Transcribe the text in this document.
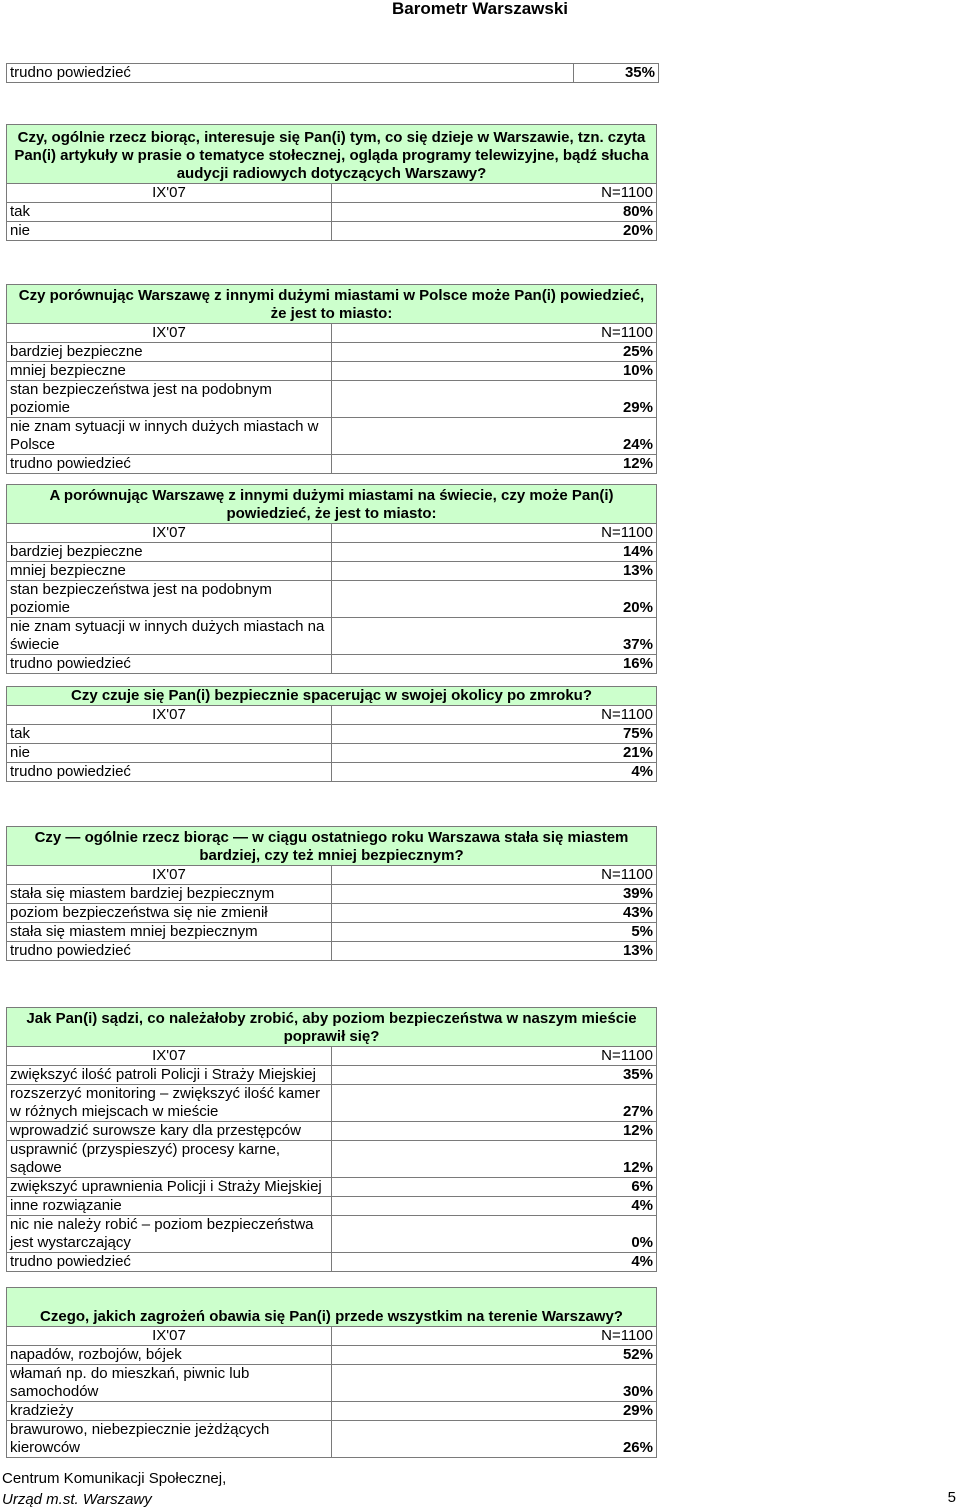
Barometr Warszawski
trudno powiedzieć	35%
Czy, ogólnie rzecz biorąc, interesuje się Pan(i) tym, co się dzieje w Warszawie, tzn. czyta Pan(i) artykuły w prasie o tematyce stołecznej, ogląda programy telewizyjne, bądź słucha audycji radiowych dotyczących Warszawy?	
IX'07	N=1100
tak	80%
nie	20%
Czy porównując Warszawę z innymi dużymi miastami w Polsce może Pan(i) powiedzieć, że jest to miasto:	
IX'07	N=1100
bardziej bezpieczne	25%
mniej bezpieczne	10%
stan bezpieczeństwa jest na podobnym poziomie	29%
nie znam sytuacji w innych dużych miastach w Polsce	24%
trudno powiedzieć	12%
A porównując Warszawę z innymi dużymi miastami na świecie, czy może Pan(i) powiedzieć, że jest to miasto:	
IX'07	N=1100
bardziej bezpieczne	14%
mniej bezpieczne	13%
stan bezpieczeństwa jest na podobnym poziomie	20%
nie znam sytuacji w innych dużych miastach na świecie	37%
trudno powiedzieć	16%
Czy czuje się Pan(i) bezpiecznie spacerując w swojej okolicy po zmroku?	
IX'07	N=1100
tak	75%
nie	21%
trudno powiedzieć	4%
Czy — ogólnie rzecz biorąc — w ciągu ostatniego roku Warszawa stała się miastem bardziej, czy też mniej bezpiecznym?	
IX'07	N=1100
stała się miastem bardziej bezpiecznym	39%
poziom bezpieczeństwa się nie zmienił	43%
stała się miastem mniej bezpiecznym	5%
trudno powiedzieć	13%
Jak Pan(i) sądzi, co należałoby zrobić, aby poziom bezpieczeństwa w naszym mieście poprawił się?	
IX'07	N=1100
zwiększyć ilość patroli Policji i Straży Miejskiej	35%
rozszerzyć monitoring – zwiększyć ilość kamer w różnych miejscach w mieście	27%
wprowadzić surowsze kary dla przestępców	12%
usprawnić (przyspieszyć) procesy karne, sądowe	12%
zwiększyć uprawnienia Policji i Straży Miejskiej	6%
inne rozwiązanie	4%
nic nie należy robić – poziom bezpieczeństwa jest wystarczający	0%
trudno powiedzieć	4%
Czego, jakich zagrożeń obawia się Pan(i) przede wszystkim na terenie Warszawy?	
IX'07	N=1100
napadów, rozbojów, bójek	52%
włamań np. do mieszkań, piwnic lub samochodów	30%
kradzieży	29%
brawurowo, niebezpiecznie jeżdżących kierowców	26%
Centrum Komunikacji Społecznej,
Urząd m.st. Warszawy	5
